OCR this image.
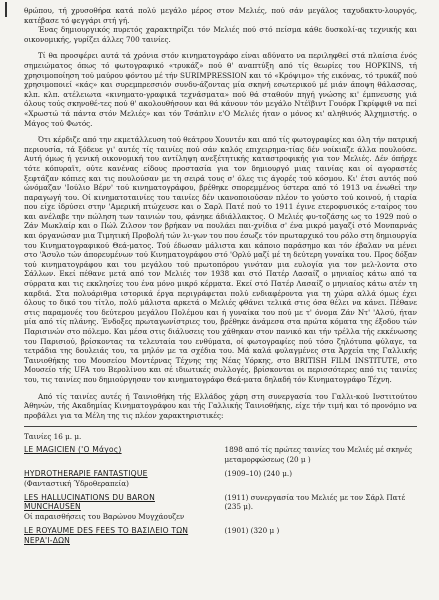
θρώπου, τή χρυσοθήρα κατά πολύ μεγάλο μέρος στον Μελιές, πού σάν μεγάλος ταχυδακτυ-λουργός, κατέβασε τό φεγγάρι στή γή.

Ένας δημιουργικός πυρετός χαρακτηρίζει τόν Μελιές πού στό πείσμα κάθε δυσκολί-ας τεχνικής και οικονομικής, γυρίζει άλλες 700 ταινίες.

Τί θα προσφέρει αυτά τά χρόνια στόν κινηματογράφο είναι αδύνατο να περιληφθεί στά πλαίσια ένός σημειώματος όπως τό φωτογραφικό «τρυκάζ» πού θ' αναπτύξη από τίς θεωρίες του HOPKINS, τή χρησιμοποίηση τού μαύρου φόντου μέ τήν SURIMPRESSION και τό «Κρόψιμο» τής εικόνας, τό τρυκάζ πού χρησιμοποιεί «κάς» και συρεμπρεσσιόν συνδυ-άζοντας μία σκηνή εσωτερικού μέ μιάν άποψη θάλασσας, κλπ. κλπ. ατέλειωτα «κινηματο-γραφικά τεχνάσματα» πού θά σταθούν πηγή γνώσης κι' έμπνευσης γιά όλους τούς σκηνοθέ-τες πού θ' ακολουθήσουν και θά κάνουν τόν μεγάλο Ντέϊβιντ Γουόρκ Γκρίφφιθ να πεί «Χρωστώ τά πάντα στόν Μελιές» και τόν Τσάπλιν ε'Ο Μελιές ήταν ο μόνος κι' αληθινός Άλχημιστής. ο Μάγος τού Φωτός.

Ότι κέρδιζε από την εκμετάλλευση τού θεάτρου Χουντέν και από τίς φωτογραφίες και όλη τήν πατρική περιουσία, τά ξόδευε γι' αυτές τίς ταινίες πού σάν καλός επιχειρημα-τίας δέν νοίκιαζε άλλα πουλούσε. Αυτή όμως ή γενική οικονομική του αντίληψη ανεξέτητικής καταστροφικής για τον Μελιές. Δέν όπήρχε τότε κόπυραϊτ, ούτε κανένας είδους προστασία για τον δημιουργό μιας ταινίας και οί αγοραστές ξεφτάζαν κόπιες και τις πουλούσαν με τη σειρά τους σ' όλες τις άγορές τού κόσμου. Κι' έτσι αυτός πού ώνόμαζαν 'Ιούλιο Βέρν' τού κινηματογράφου, βρέθηκε σπορεμμένος ύστερα από τό 1913 να ένωθεί την παραγωγή του. Οί κινηματοταινίες του ταινίες δέν ικανοποιούσαν πλέον το γούστο τού κοινού, ή ιταρία που είχε ίδρύσει στην 'Αμερική πτώχευσε και ο Σαρλ Πατέ πού το 1911 έγινε ετεροφυσικός ε-ταίρος του και ανέλαβε την πώληση των ταινιών του, φάνηκε άδιάλλακτος. Ο Μελιές φυ-τοζάσης ως το 1929 πού ο Ζάν Μωκλαίρ και ο Πώλ Ζιλσον τον βρήκαν να πουλάει παι-χνίδια σ' ένα μικρό μαγαζί στό Μονπαρνάς και όργανώσαν μια Τιμητική Προβολή τών λι-γων του που έσωζε τόν πρωταρχικό του ρόλο στη δημιουργία του Κινηματογραφικού Θεά-ματος. Τού έδωσαν μάλιστα και κάποιο παράσημο και τόν έβαλαν να μένει στο 'Άσυλο τών άπορευμένων τού Κινηματογράφου στό 'Ορλύ μαζί μέ τη δεύτερη γυναίκα του. Προς δόξαν τού κινηματογράφου και του μεγάλου τού πρωτοπόρου γινόταν μια ευλογία για τον μελ-λοντα στο Σάλλων. Εκεί πέθανε μετά από τον Μελιές τον 1938 και στό Πατέρ Λασαίζ ο μηνιαίος κάτω από τα σύρρατα και τις εκκλησίες του ένα μόνο μικρό κέρματα. Εκεί στό Πατέρ Λασαίζ ο μηνιαίος κάτω ατέν τη καρδιά. Στα πολυάριθμα ιστορικά έργα περιγράφεται πολύ ενδιαφέροντα για τη χώρα αλλά όμως έχει όλους το δικό του τίτλο, πολύ μάλιστα αρκετά ο Μελιές φθάνει τελικά στις όσα θέλει να κάνει. Πέθανε στις παραμονές του δεύτερου μεγάλου Πολέμου και ή γυναίκα του πού με τ' όνομα Ζάν Ντ' 'Αλσύ, ήταν μία από τίς πλάνης. Ένδοξες πρωταγωνίστριες του, βρέθηκε άνάμεσα στα πρώτα κόματα της έξοδου τών Παρισινών στο πόλεμο. Και μέσα στις διάλυσεις του χάθηκαν στον πανικό και τήν τρέλλα τής εκκένωσης του Παρισιού, βρίσκοντας τα τελευταία του ενθύματα, οί φωτογραφίες πού τόσο ζηλότυπα φύλαγε, τα τετράδια της δουλειάς του, τα μηλόν με τα σχέδια του. Μά καλά φυλαγμένες στα Άρχεία της Γαλλικής Ταινιοθήκης του Μουσείου Μοντέρνας Τέχνης της Νέας Υόρκης, στο BRITISH FILM INSTITUTE, στο Μουσείο τής UFA του Βερολίνου και σέ ιδιωτικές συλλογές, βρίσκονται οι περισσότερες από τις ταινίες του, τις ταινίες που δημιούργησαν τον κινηματογράφο Θεά-ματα δηλαδή τόν Κινηματογράφο Τέχνη.

Από τίς ταινίες αυτές ή Ταινιοθήκη τής Ελλάδος χάρη στη συνεργασία του Γαλλι-κού Ινστιτούτου Άθηνών, τής Ακαδημίας Κινηματογράφου και τής Γαλλικής Ταινιοθήκης, είχε τήν τιμή και τό προνόμιο να προβάλει για τα Μέλη της τις πλέον χαρακτηριστικές:

Ταινίες 16 μ. μ.

LE MAGICIEN ('Ο Μάγος)	1898 από τίς πρώτες ταινίες του Μελιές μέ σκηνές μεταμορφώσεως (20 μ )
HYDROTHERAPIE FANTASTIQUE
(Φανταστική Ύδροθεραπεία)	(1909–10) (240 μ.)
LES HALLUCINATIONS DU BARON MUNCHAUSEN
Οί παραισθήσεις του Βαρώνου Μυγχάουζεν	(1911) συνεργασία του Μελιές με τον Σάρλ Πατέ (235 μ).
LE ROYAUME DES FEES ΤΟ ΒΑΣΙΛΕΙΟ ΤΩΝ ΝΕΡΑ'Ι-ΔΩΝ	(1901) (320 μ )
